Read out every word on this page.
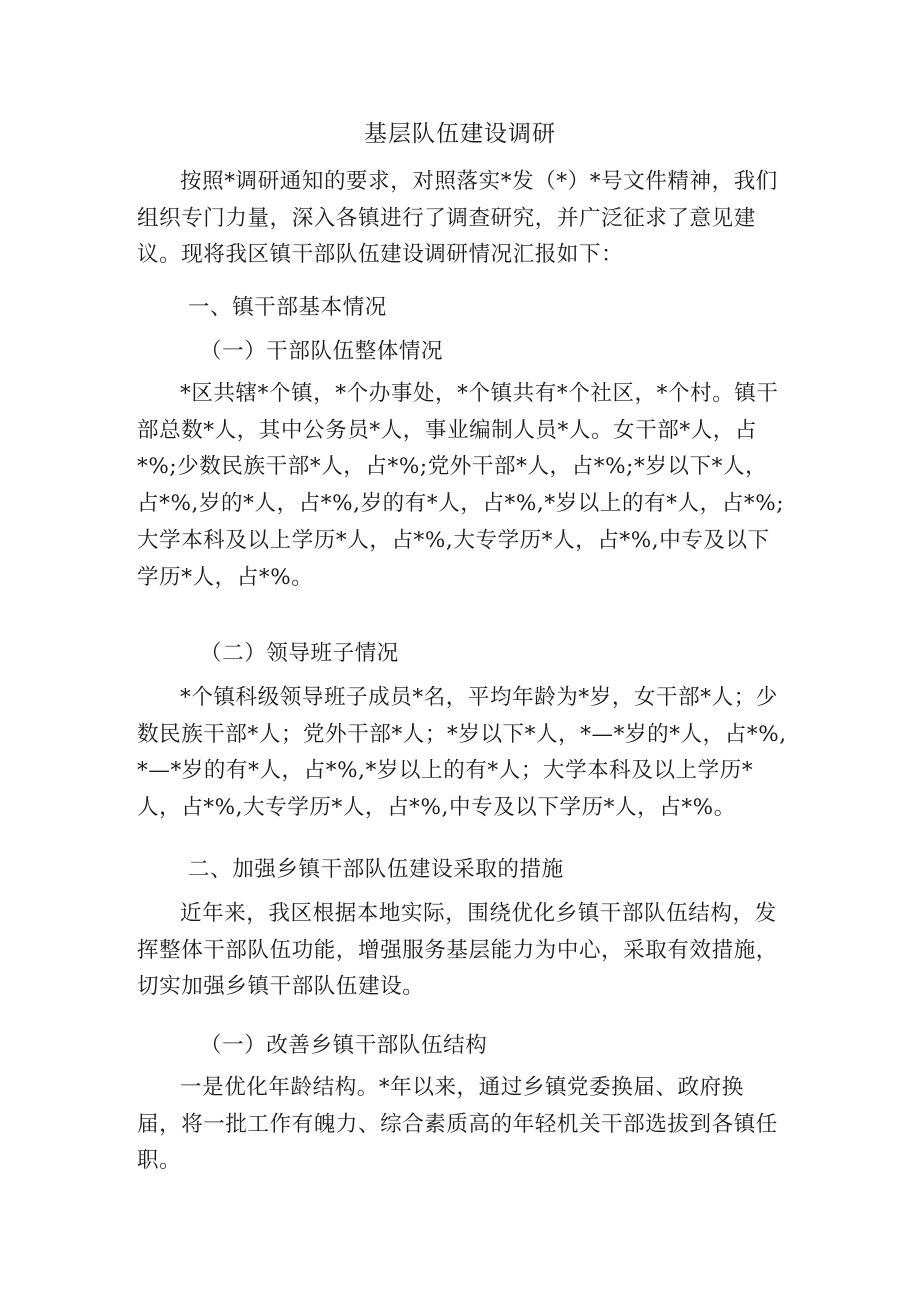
基层队伍建设调研

按照*调研通知的要求，对照落实*发（*）*号文件精神，我们组织专门力量，深入各镇进行了调查研究，并广泛征求了意见建议。现将我区镇干部队伍建设调研情况汇报如下：

一、镇干部基本情况

（一）干部队伍整体情况

*区共辖*个镇，*个办事处，*个镇共有*个社区，*个村。镇干部总数*人，其中公务员*人，事业编制人员*人。女干部*人，占*%;少数民族干部*人，占*%;党外干部*人，占*%;*岁以下*人，占*%,岁的*人，占*%,岁的有*人，占*%,*岁以上的有*人，占*%;大学本科及以上学历*人，占*%,大专学历*人，占*%,中专及以下学历*人，占*%。

（二）领导班子情况

*个镇科级领导班子成员*名，平均年龄为*岁，女干部*人；少数民族干部*人；党外干部*人；*岁以下*人，*—*岁的*人，占*%,*—*岁的有*人，占*%,*岁以上的有*人；大学本科及以上学历*人，占*%,大专学历*人，占*%,中专及以下学历*人，占*%。

二、加强乡镇干部队伍建设采取的措施

近年来，我区根据本地实际，围绕优化乡镇干部队伍结构，发挥整体干部队伍功能，增强服务基层能力为中心，采取有效措施，切实加强乡镇干部队伍建设。

（一）改善乡镇干部队伍结构

一是优化年龄结构。*年以来，通过乡镇党委换届、政府换届，将一批工作有魄力、综合素质高的年轻机关干部选拔到各镇任职。
